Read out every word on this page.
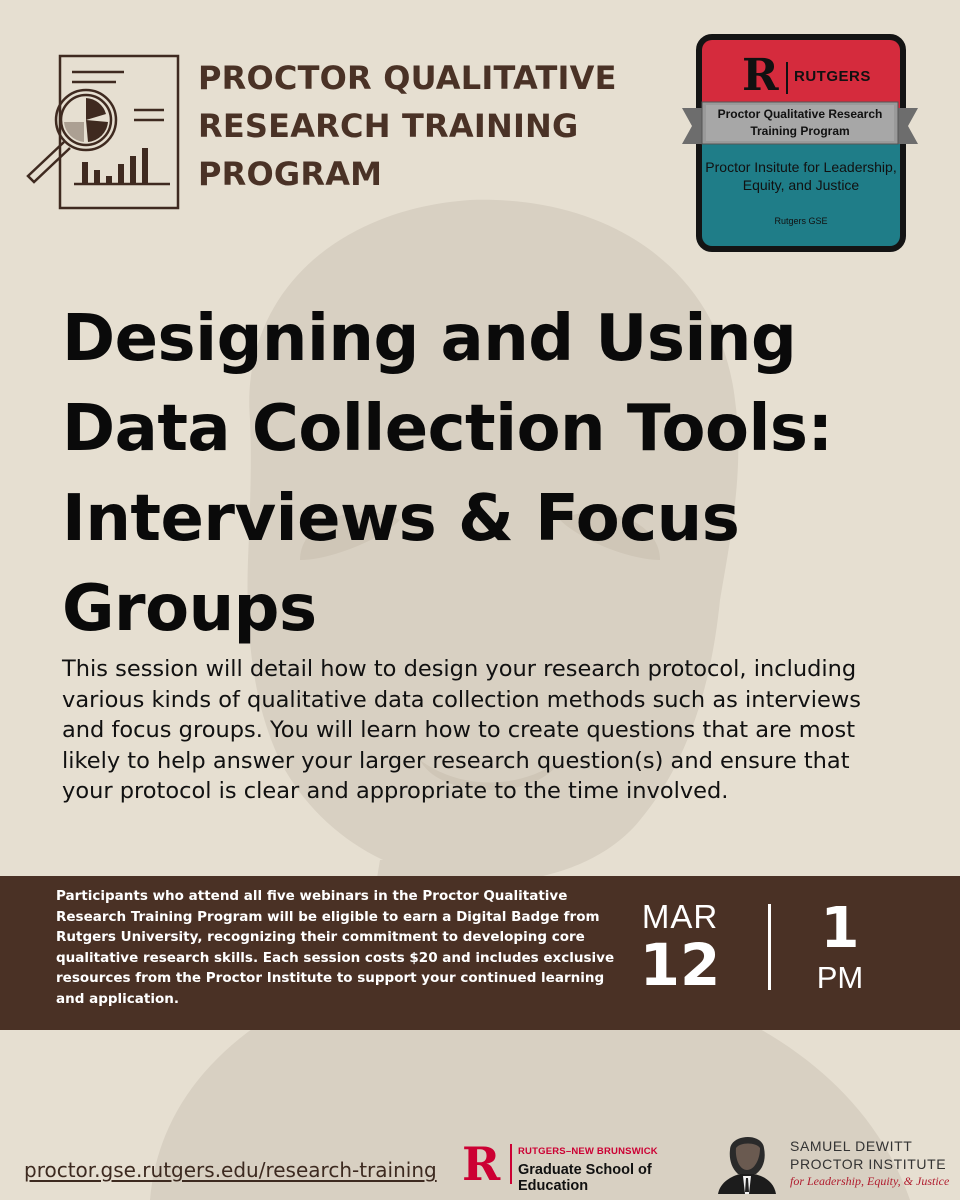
PROCTOR QUALITATIVE RESEARCH TRAINING PROGRAM
R RUTGERS
Proctor Qualitative Research Training Program
Proctor Insitute for Leadership, Equity, and Justice
Rutgers GSE
Designing and Using Data Collection Tools: Interviews & Focus Groups

This session will detail how to design your research protocol, including various kinds of qualitative data collection methods such as interviews and focus groups. You will learn how to create questions that are most likely to help answer your larger research question(s) and ensure that your protocol is clear and appropriate to the time involved.

Participants who attend all five webinars in the Proctor Qualitative Research Training Program will be eligible to earn a Digital Badge from Rutgers University, recognizing their commitment to developing core qualitative research skills. Each session costs $20 and includes exclusive resources from the Proctor Institute to support your continued learning and application.

MAR
12
1
PM
proctor.gse.rutgers.edu/research-training R RUTGERS–NEW BRUNSWICK
Graduate School of Education
SAMUEL DEWITT
PROCTOR INSTITUTE
for Leadership, Equity, & Justice
